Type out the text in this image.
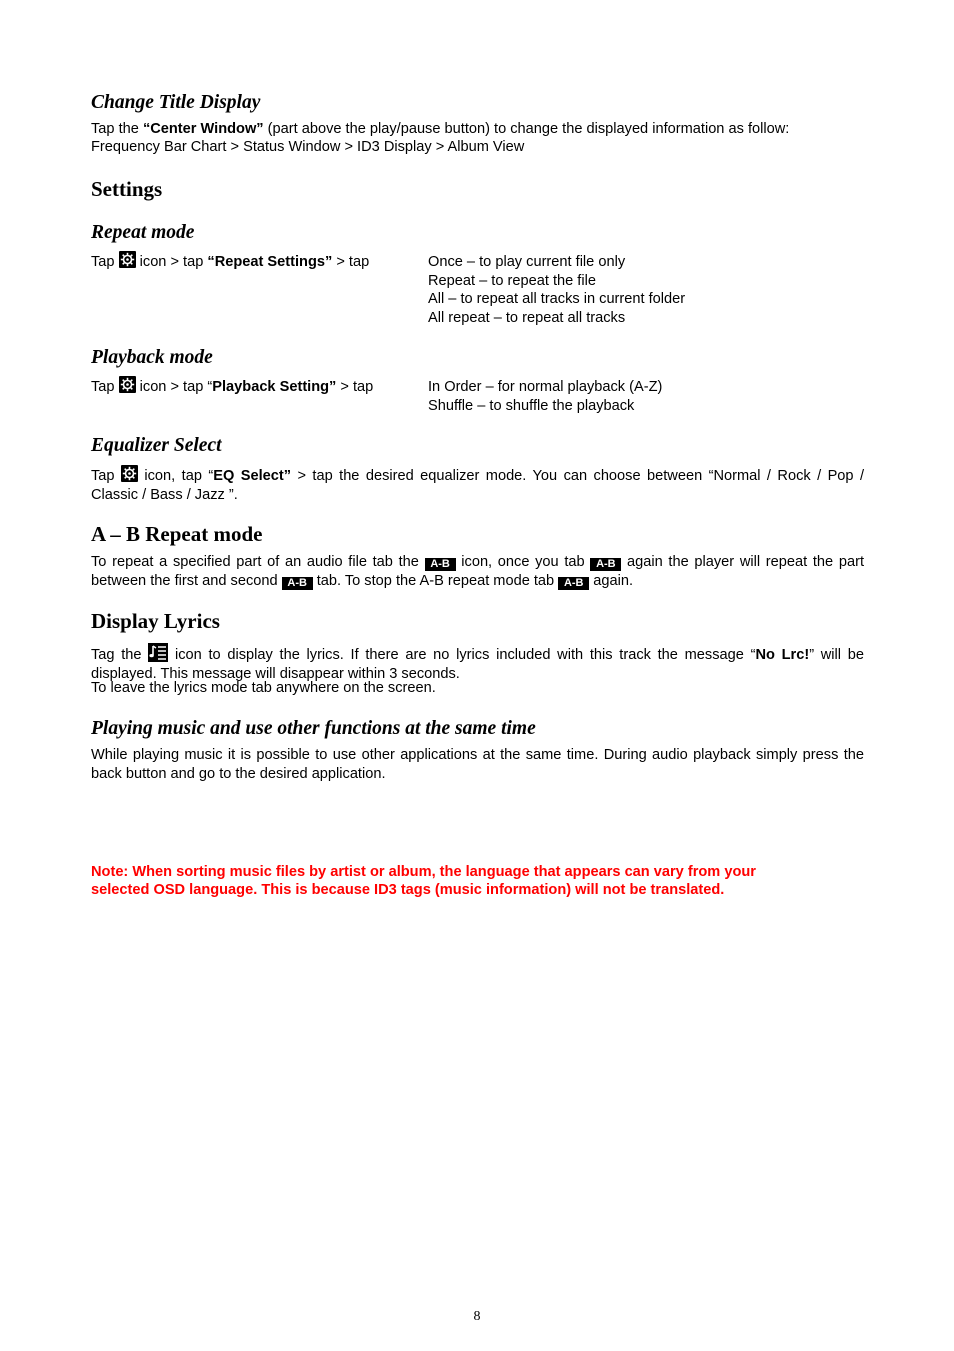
Change Title Display

Tap the “Center Window” (part above the play/pause button) to change the displayed information as follow:

Frequency Bar Chart > Status Window > ID3 Display > Album View

Settings
Repeat mode
Tap
icon > tap “Repeat Settings” > tap	Once – to play current file only
Repeat – to repeat the file
All – to repeat all tracks in current folder
All repeat – to repeat all tracks
Playback mode
Tap
icon > tap “Playback Setting” > tap	In Order – for normal playback (A-Z)
Shuffle – to shuffle the playback
Equalizer Select

Tap
icon, tap “EQ Select” > tap the desired equalizer mode. You can choose between “Normal / Rock / Pop / Classic / Bass / Jazz ”.

A – B Repeat mode

To repeat a specified part of an audio file tab the A-B icon, once you tab A-B again the player will repeat the part between the first and second A-B tab. To stop the A-B repeat mode tab A-B again.

Display Lyrics

Tag the
icon to display the lyrics. If there are no lyrics included with this track the message “No Lrc!” will be displayed. This message will disappear within 3 seconds.

To leave the lyrics mode tab anywhere on the screen.

Playing music and use other functions at the same time

While playing music it is possible to use other applications at the same time. During audio playback simply press the back button and go to the desired application.

Note: When sorting music files by artist or album, the language that appears can vary from your

selected OSD language. This is because ID3 tags (music information) will not be translated.

8
